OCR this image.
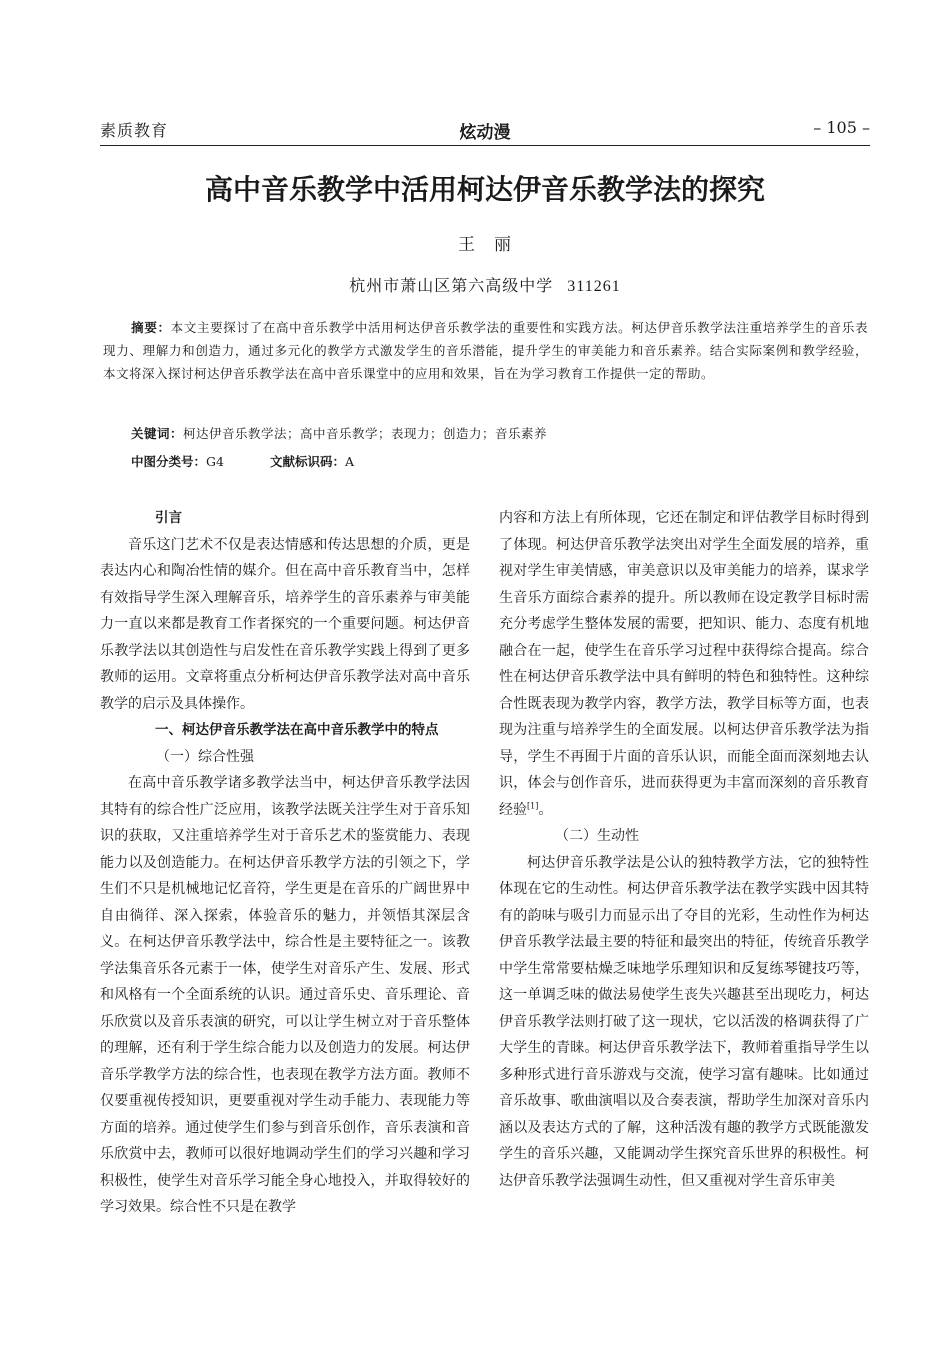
素质教育	炫动漫	– 105 –
高中音乐教学中活用柯达伊音乐教学法的探究
王　丽
杭州市萧山区第六高级中学 311261
摘要：本文主要探讨了在高中音乐教学中活用柯达伊音乐教学法的重要性和实践方法。柯达伊音乐教学法注重培养学生的音乐表现力、理解力和创造力，通过多元化的教学方式激发学生的音乐潜能，提升学生的审美能力和音乐素养。结合实际案例和教学经验，本文将深入探讨柯达伊音乐教学法在高中音乐课堂中的应用和效果，旨在为学习教育工作提供一定的帮助。
关键词：柯达伊音乐教学法；高中音乐教学；表现力；创造力；音乐素养
中图分类号：G4	文献标识码：A

引言

音乐这门艺术不仅是表达情感和传达思想的介质，更是表达内心和陶冶性情的媒介。但在高中音乐教育当中，怎样有效指导学生深入理解音乐，培养学生的音乐素养与审美能力一直以来都是教育工作者探究的一个重要问题。柯达伊音乐教学法以其创造性与启发性在音乐教学实践上得到了更多教师的运用。文章将重点分析柯达伊音乐教学法对高中音乐教学的启示及具体操作。

一、柯达伊音乐教学法在高中音乐教学中的特点

（一）综合性强

在高中音乐教学诸多教学法当中，柯达伊音乐教学法因其特有的综合性广泛应用，该教学法既关注学生对于音乐知识的获取，又注重培养学生对于音乐艺术的鉴赏能力、表现能力以及创造能力。在柯达伊音乐教学方法的引领之下，学生们不只是机械地记忆音符，学生更是在音乐的广阔世界中自由徜徉、深入探索，体验音乐的魅力，并领悟其深层含义。在柯达伊音乐教学法中，综合性是主要特征之一。该教学法集音乐各元素于一体，使学生对音乐产生、发展、形式和风格有一个全面系统的认识。通过音乐史、音乐理论、音乐欣赏以及音乐表演的研究，可以让学生树立对于音乐整体的理解，还有利于学生综合能力以及创造力的发展。柯达伊音乐学教学方法的综合性，也表现在教学方法方面。教师不仅要重视传授知识，更要重视对学生动手能力、表现能力等方面的培养。通过使学生们参与到音乐创作，音乐表演和音乐欣赏中去，教师可以很好地调动学生们的学习兴趣和学习积极性，使学生对音乐学习能全身心地投入，并取得较好的学习效果。综合性不只是在教学

内容和方法上有所体现，它还在制定和评估教学目标时得到了体现。柯达伊音乐教学法突出对学生全面发展的培养，重视对学生审美情感，审美意识以及审美能力的培养，谋求学生音乐方面综合素养的提升。所以教师在设定教学目标时需充分考虑学生整体发展的需要，把知识、能力、态度有机地融合在一起，使学生在音乐学习过程中获得综合提高。综合性在柯达伊音乐教学法中具有鲜明的特色和独特性。这种综合性既表现为教学内容，教学方法，教学目标等方面，也表现为注重与培养学生的全面发展。以柯达伊音乐教学法为指导，学生不再囿于片面的音乐认识，而能全面而深刻地去认识，体会与创作音乐，进而获得更为丰富而深刻的音乐教育经验[1]。

（二）生动性

柯达伊音乐教学法是公认的独特教学方法，它的独特性体现在它的生动性。柯达伊音乐教学法在教学实践中因其特有的韵味与吸引力而显示出了夺目的光彩，生动性作为柯达伊音乐教学法最主要的特征和最突出的特征，传统音乐教学中学生常常要枯燥乏味地学乐理知识和反复练琴键技巧等，这一单调乏味的做法易使学生丧失兴趣甚至出现吃力，柯达伊音乐教学法则打破了这一现状，它以活泼的格调获得了广大学生的青睐。柯达伊音乐教学法下，教师着重指导学生以多种形式进行音乐游戏与交流，使学习富有趣味。比如通过音乐故事、歌曲演唱以及合奏表演，帮助学生加深对音乐内涵以及表达方式的了解，这种活泼有趣的教学方式既能激发学生的音乐兴趣，又能调动学生探究音乐世界的积极性。柯达伊音乐教学法强调生动性，但又重视对学生音乐审美
